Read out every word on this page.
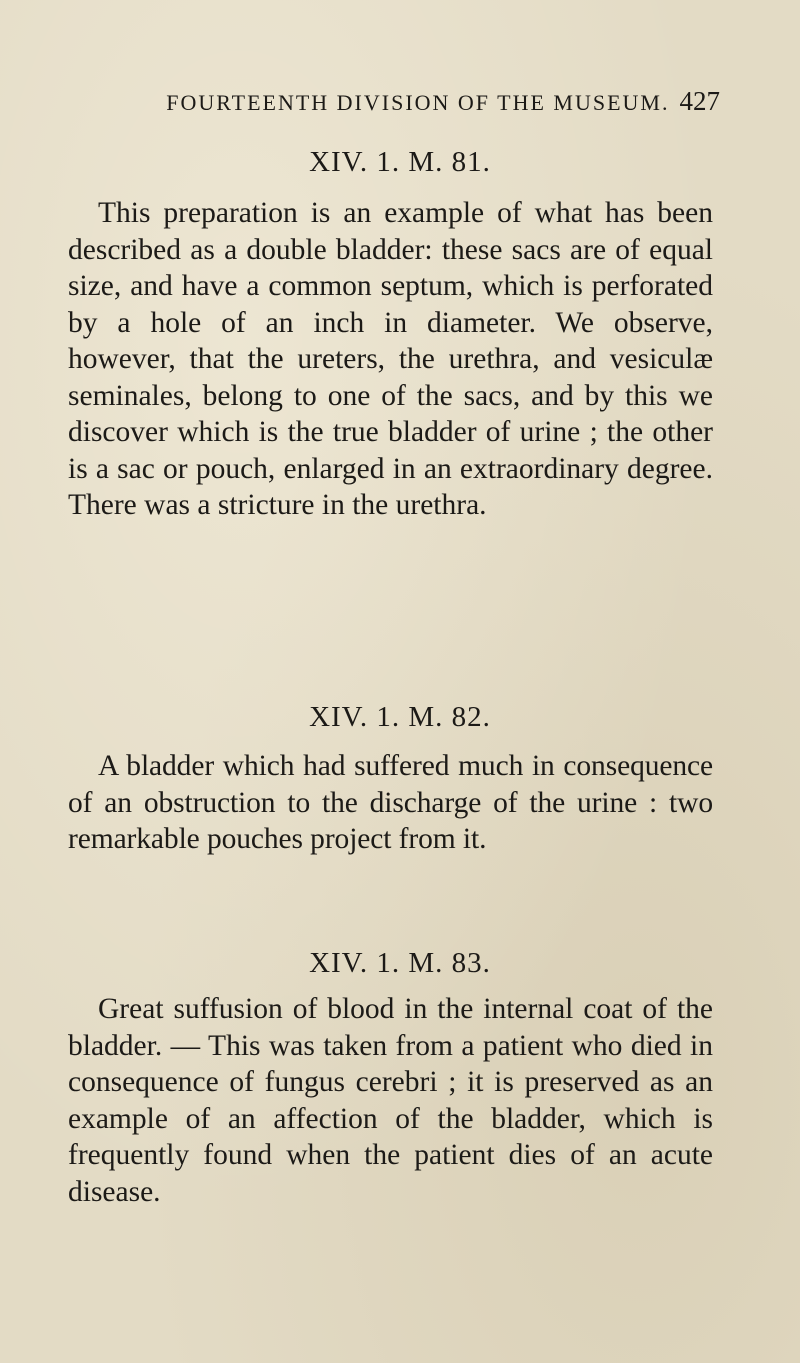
FOURTEENTH DIVISION OF THE MUSEUM. 427
XIV. 1. M. 81.

This preparation is an example of what has been described as a double bladder: these sacs are of equal size, and have a common septum, which is perforated by a hole of an inch in diameter. We observe, however, that the ureters, the urethra, and vesiculæ seminales, belong to one of the sacs, and by this we discover which is the true bladder of urine ; the other is a sac or pouch, enlarged in an extraordinary degree. There was a stricture in the urethra.

XIV. 1. M. 82.

A bladder which had suffered much in consequence of an obstruction to the discharge of the urine : two remarkable pouches project from it.

XIV. 1. M. 83.

Great suffusion of blood in the internal coat of the bladder. — This was taken from a patient who died in consequence of fungus cerebri ; it is preserved as an example of an affection of the bladder, which is frequently found when the patient dies of an acute disease.
